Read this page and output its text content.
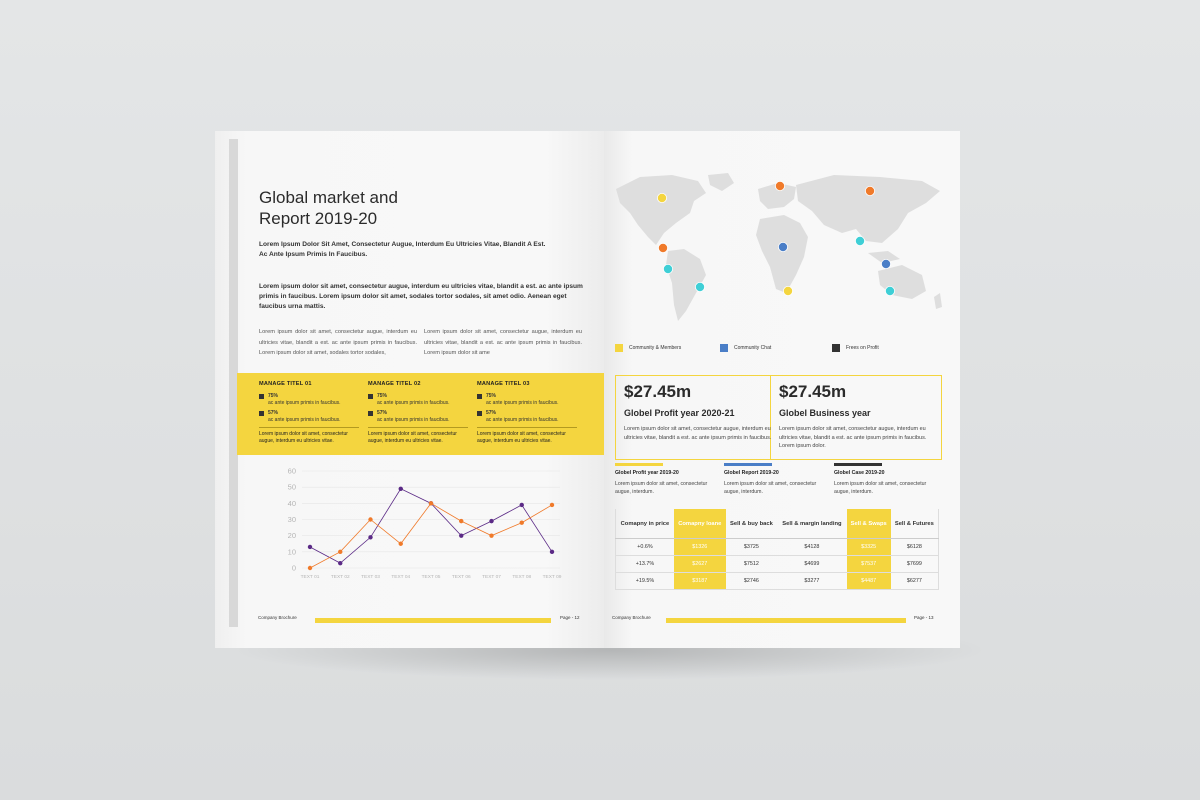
Global market and
Report 2019-20

Lorem Ipsum Dolor Sit Amet, Consectetur Augue, Interdum Eu Ultricies Vitae, Blandit A Est. Ac Ante Ipsum Primis In Faucibus.

Lorem ipsum dolor sit amet, consectetur augue, interdum eu ultricies vitae, blandit a est. ac ante ipsum primis in faucibus. Lorem ipsum dolor sit amet, sodales tortor sodales, sit amet odio. Aenean eget faucibus urna mattis.

Lorem ipsum dolor sit amet, consectetur augue, interdum eu ultricies vitae, blandit a est. ac ante ipsum primis in faucibus. Lorem ipsum dolor sit amet, sodales tortor sodales,

Lorem ipsum dolor sit amet, consectetur augue, interdum eu ultricies vitae, blandit a est. ac ante ipsum primis in faucibus. Lorem ipsum dolor sit ame

MANAGE TITEL 01

75%
ac ante ipsum primis in faucibus.
57%
ac ante ipsum primis in faucibus.

Lorem ipsum dolor sit amet, consectetur augue, interdum eu ultricies vitae.

MANAGE TITEL 02

75%
ac ante ipsum primis in faucibus.
57%
ac ante ipsum primis in faucibus.

Lorem ipsum dolor sit amet, consectetur augue, interdum eu ultricies vitae.

MANAGE TITEL 03

75%
ac ante ipsum primis in faucibus.
57%
ac ante ipsum primis in faucibus.

Lorem ipsum dolor sit amet, consectetur augue, interdum eu ultricies vitae.

0
10
20
30
40
50
60
TEXT 01 TEXT 02 TEXT 03 TEXT 04 TEXT 05 TEXT 06 TEXT 07 TEXT 08 TEXT 09
Company Brochure	Page - 12
Community & Members	Community Chat	Frees on Profit
$27.45m
Globel Profit year 2020-21

Lorem ipsum dolor sit amet, consectetur augue, interdum eu ultricies vitae, blandit a est. ac ante ipsum primis in faucibus.

$27.45m
Globel Business year

Lorem ipsum dolor sit amet, consectetur augue, interdum eu ultricies vitae, blandit a est. ac ante ipsum primis in faucibus. Lorem ipsum dolor.

Globel Profit year 2019-20

Lorem ipsum dolor sit amet, consectetur augue, interdum.

Globel Report 2019-20

Lorem ipsum dolor sit amet, consectetur augue, interdum.

Globel Case 2019-20

Lorem ipsum dolor sit amet, consectetur augue, interdum.

Comapny in price	Comapny loane	Sell & buy back	Sell & margin landing	Sell & Swaps	Sell & Futures
+0.6%	$1326	$3725	$4128	$3325	$6128
+13.7%	$2627	$7512	$4699	$7537	$7699
+19.5%	$3187	$2746	$3277	$4487	$6277
Company Brochure	Page - 13
